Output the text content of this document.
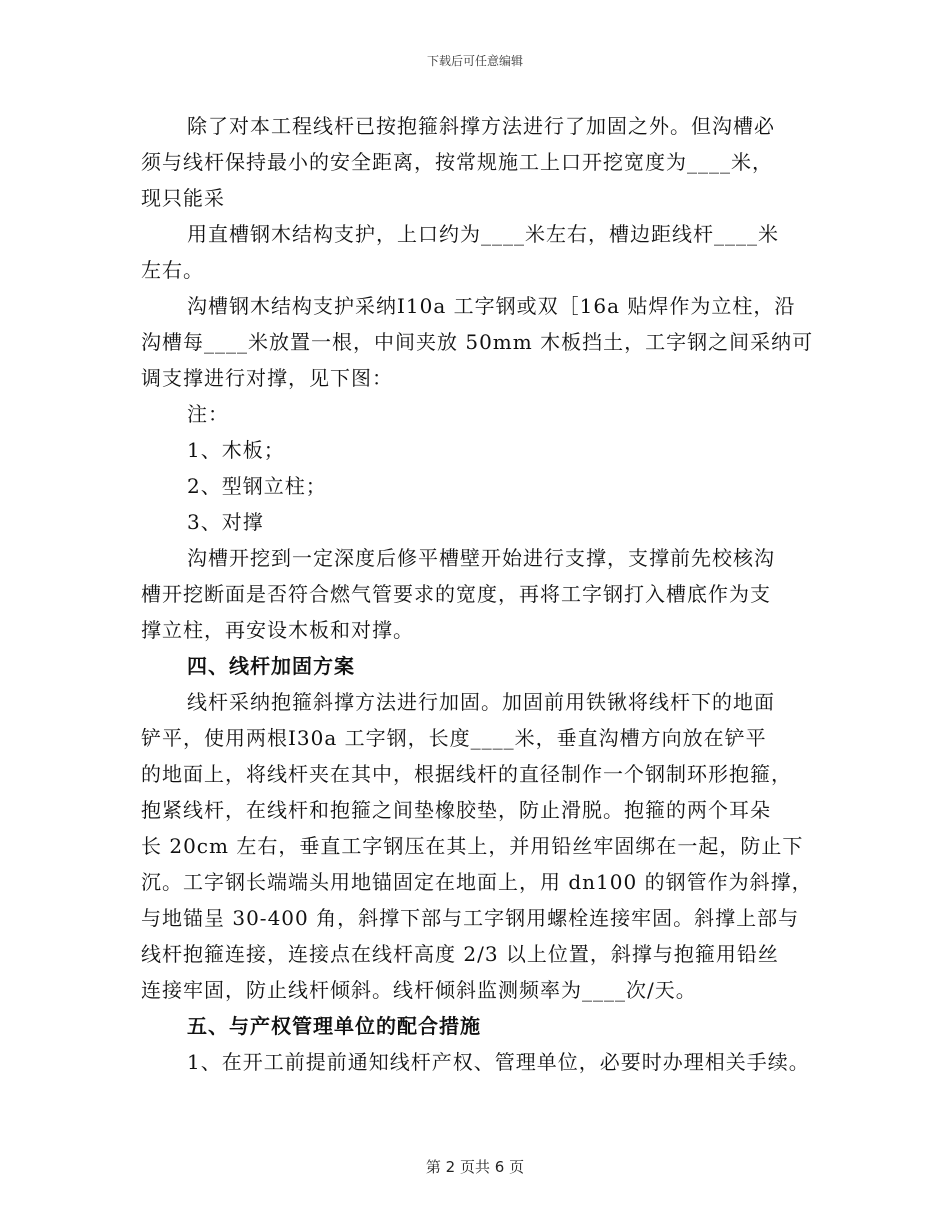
下载后可任意编辑
除了对本工程线杆已按抱箍斜撑方法进行了加固之外。但沟槽必
须与线杆保持最小的安全距离，按常规施工上口开挖宽度为____米，
现只能采
用直槽钢木结构支护，上口约为____米左右，槽边距线杆____米
左右。
沟槽钢木结构支护采纳Ⅰ10a 工字钢或双［16a 贴焊作为立柱，沿
沟槽每____米放置一根，中间夹放 50mm 木板挡土，工字钢之间采纳可
调支撑进行对撑，见下图：
注：
1、木板；
2、型钢立柱；
3、对撑
沟槽开挖到一定深度后修平槽壁开始进行支撑，支撑前先校核沟
槽开挖断面是否符合燃气管要求的宽度，再将工字钢打入槽底作为支
撑立柱，再安设木板和对撑。
四、线杆加固方案
线杆采纳抱箍斜撑方法进行加固。加固前用铁锹将线杆下的地面
铲平，使用两根Ⅰ30a 工字钢，长度____米，垂直沟槽方向放在铲平
的地面上，将线杆夹在其中，根据线杆的直径制作一个钢制环形抱箍，
抱紧线杆，在线杆和抱箍之间垫橡胶垫，防止滑脱。抱箍的两个耳朵
长 20cm 左右，垂直工字钢压在其上，并用铅丝牢固绑在一起，防止下
沉。工字钢长端端头用地锚固定在地面上，用 dn100 的钢管作为斜撑，
与地锚呈 30-400 角，斜撑下部与工字钢用螺栓连接牢固。斜撑上部与
线杆抱箍连接，连接点在线杆高度 2/3 以上位置，斜撑与抱箍用铅丝
连接牢固，防止线杆倾斜。线杆倾斜监测频率为____次/天。
五、与产权管理单位的配合措施
1、在开工前提前通知线杆产权、管理单位，必要时办理相关手续。
第 2 页共 6 页
